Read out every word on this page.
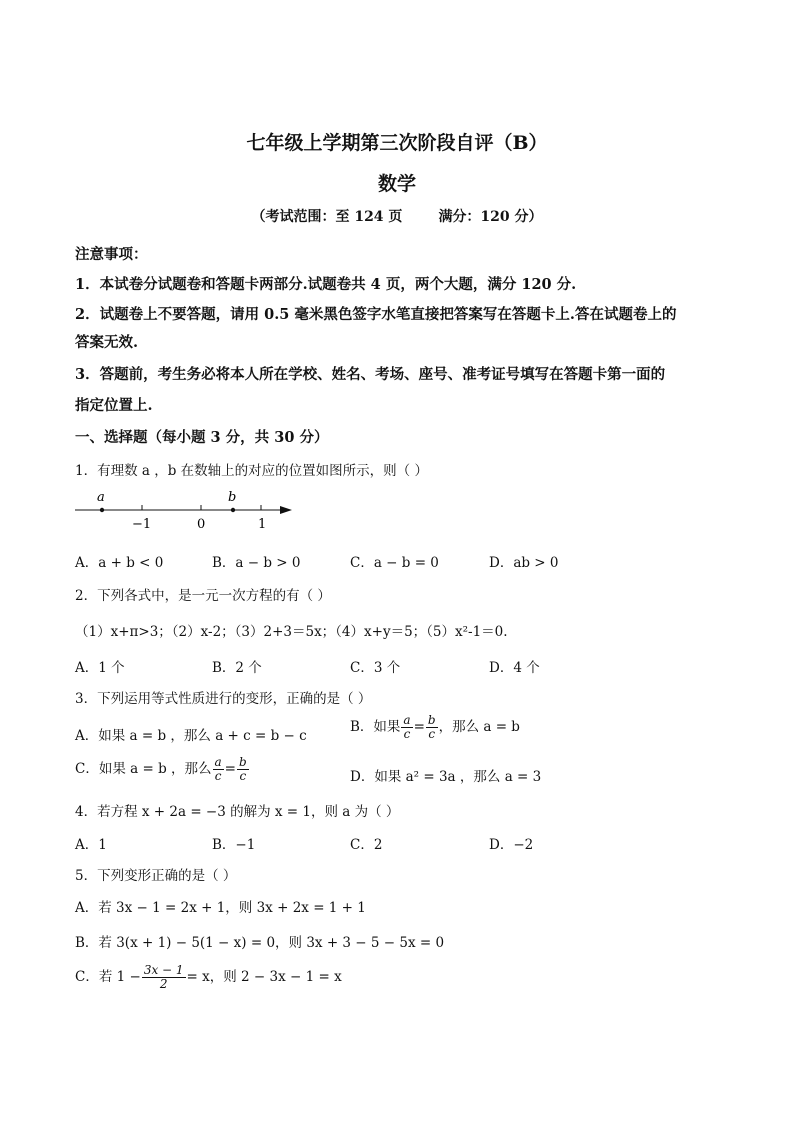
七年级上学期第三次阶段自评（B）
数学
（考试范围：至 124 页	满分：120 分）
注意事项：
1．本试卷分试题卷和答题卡两部分.试题卷共 4 页，两个大题，满分 120 分.
2．试题卷上不要答题，请用 0.5 毫米黑色签字水笔直接把答案写在答题卡上.答在试题卷上的
答案无效.
3．答题前，考生务必将本人所在学校、姓名、考场、座号、准考证号填写在答题卡第一面的
指定位置上.
一、选择题（每小题 3 分，共 30 分）
1．有理数 a ，b 在数轴上的对应的位置如图所示，则（ ）
a	b
−1	0	1
A．a + b < 0	B．a − b > 0	C．a − b = 0	D．ab > 0
2．下列各式中，是一元一次方程的有（ ）
（1）x+π>3；（2）x-2；（3）2+3＝5x；（4）x+y＝5；（5）x²-1＝0.
A．1 个	B．2 个	C．3 个	D．4 个
3．下列运用等式性质进行的变形，正确的是（ ）
A．如果 a = b ，那么 a + c = b − c
B．如果 $\frac{a}{c} = \frac{b}{c}$ ，那么 a = b
C．如果 a = b ，那么 $\frac{a}{c} = \frac{b}{c}$	D．如果 a² = 3a ，那么 a = 3
4．若方程 x + 2a = −3 的解为 x = 1，则 a 为（ ）
A．1	B．−1	C．2	D．−2
5．下列变形正确的是（ ）
A．若 3x − 1 = 2x + 1，则 3x + 2x = 1 + 1
B．若 3(x + 1) − 5(1 − x) = 0，则 3x + 3 − 5 − 5x = 0
C．若 $1 - \frac{3x - 1}{2} = x$，则 2 − 3x − 1 = x
